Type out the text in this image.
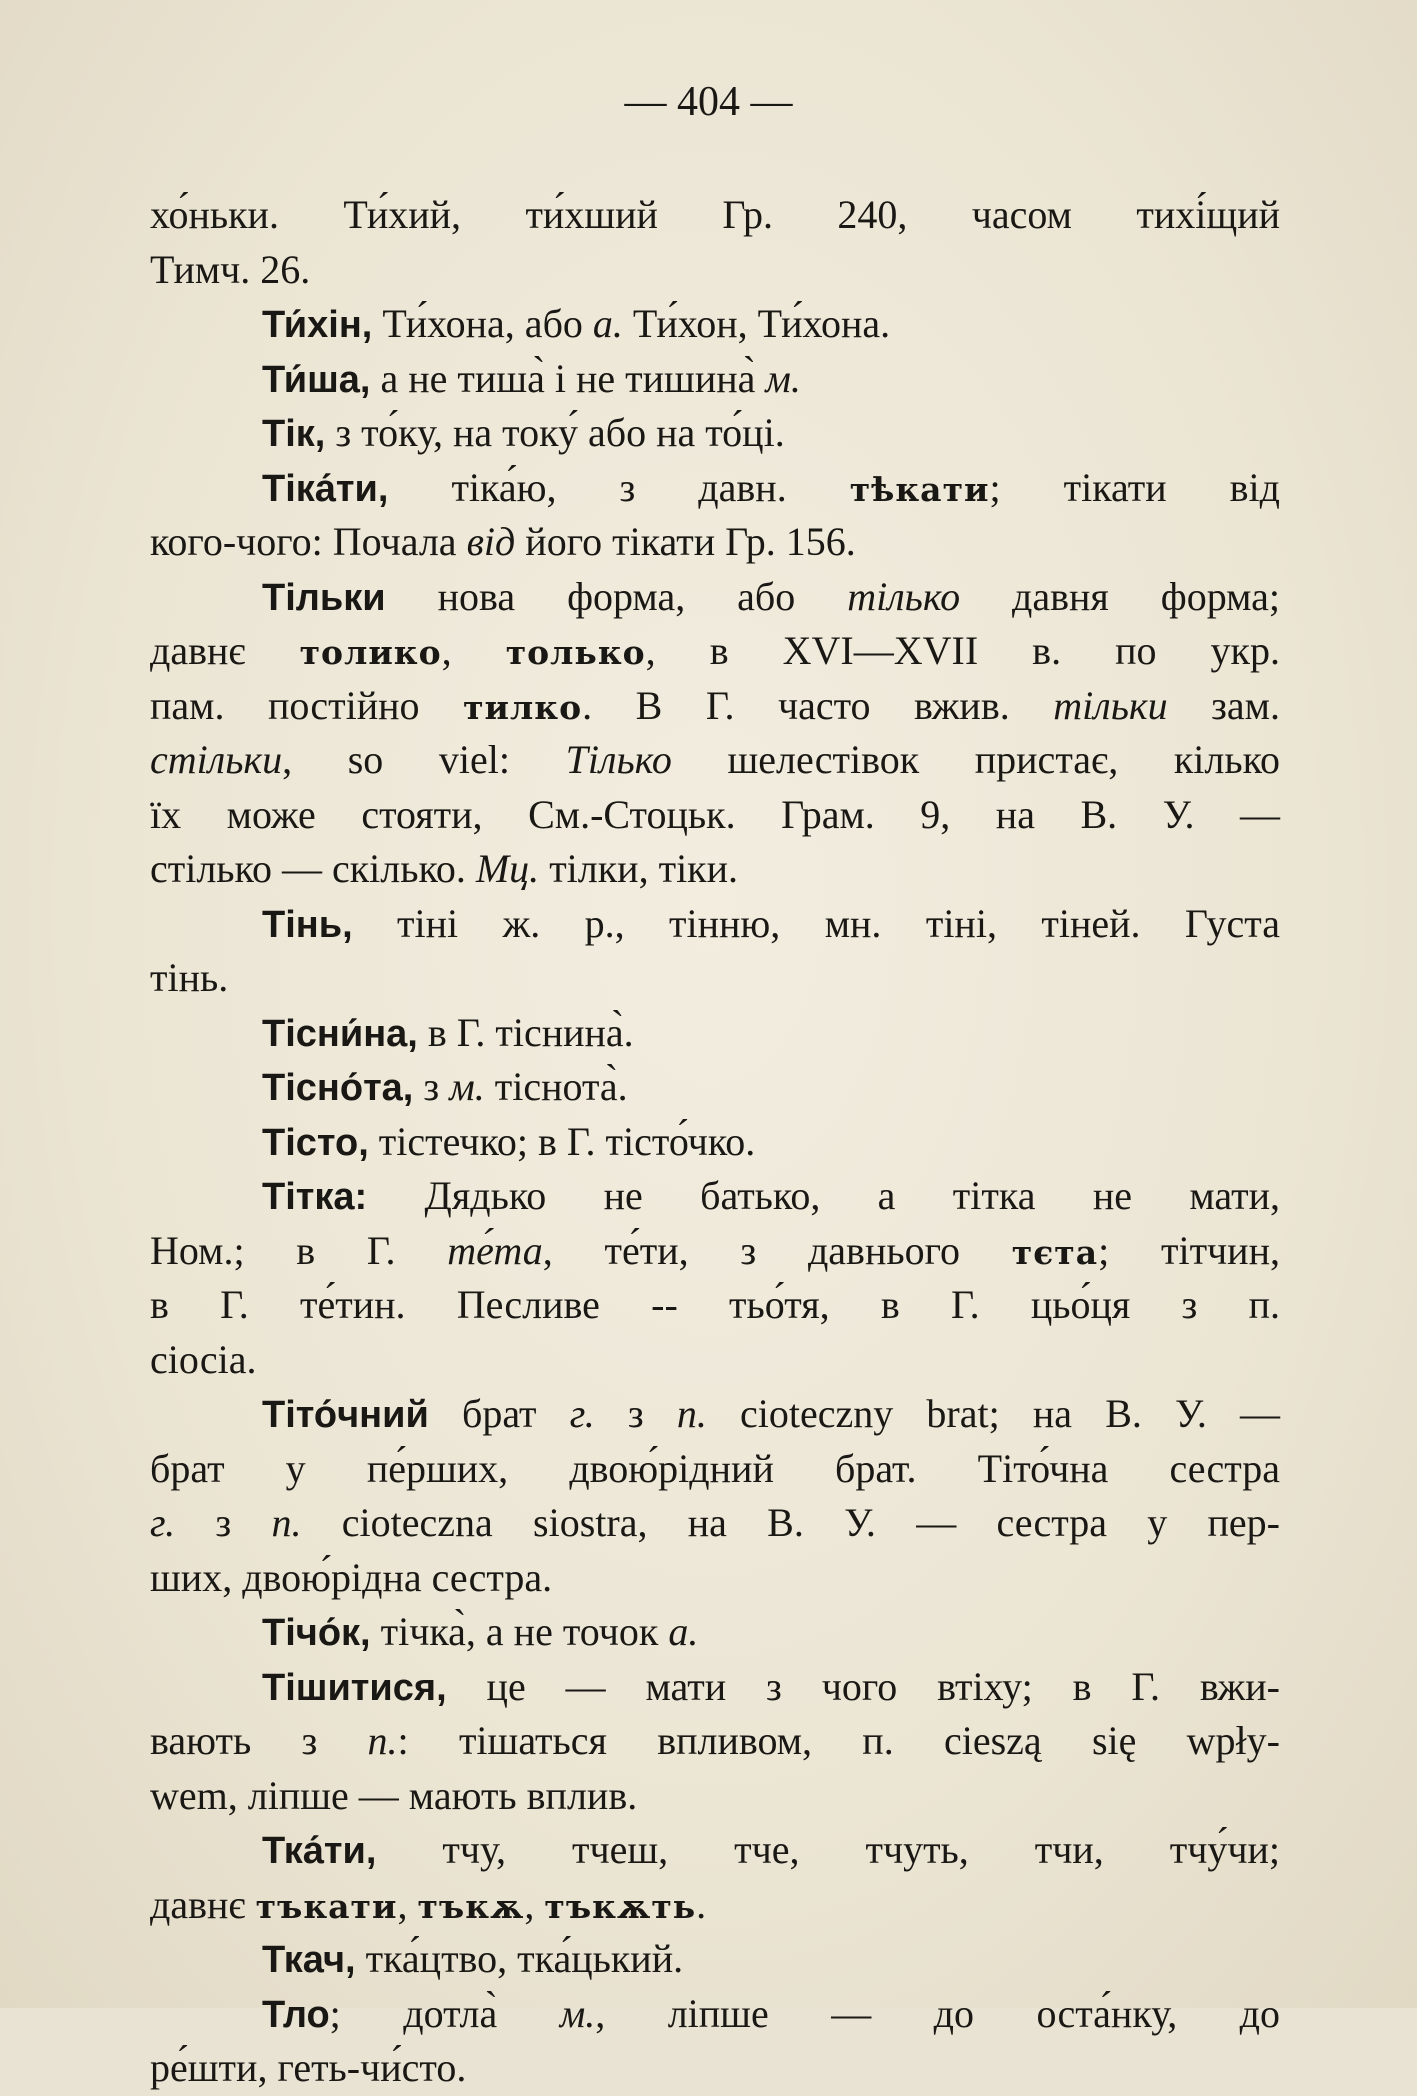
— 404 —
хо́ньки. Ти́хий, ти́хший Гр. 240, часом тихі́щий
Тимч. 26.
Ти́хін, Ти́хона, або а. Ти́хон, Ти́хона.
Ти́ша, а не тиша̀ і не тишина̀ м.
Тік, з то́ку, на току́ або на то́ці.
Тіка́ти, тіка́ю, з давн. тѣкати; тікати від
кого-чого: Почала від його тікати Гр. 156.
Тільки нова форма, або тілько давня форма;
давнє толико, только, в XVI—XVII в. по укр.
пам. постійно тилко. В Г. часто вжив. тільки зам.
стільки, so viel: Тілько шелестівок пристає, кілько
їх може стояти, См.-Стоцьк. Грам. 9, на В. У. —
стілько — скілько. Мц. тілки, тіки.
Тінь, тіні ж. р., тінню, мн. тіні, тіней. Густа
тінь.
Тісни́на, в Г. тіснина̀.
Тісно́та, з м. тіснота̀.
Тісто, тістечко; в Г. тісто́чко.
Тітка: Дядько не батько, а тітка не мати,
Ном.; в Г. те́та, те́ти, з давнього тєта; тітчин,
в Г. те́тин. Песливе -- тьо́тя, в Г. цьо́ця з п.
сіосіа.
Тіто́чний брат г. з п. cioteczny brat; на В. У. —
брат у пе́рших, двою́рідний брат. Тіто́чна сестра
г. з п. cioteczna siostra, на В. У. — сестра у пер-
ших, двою́рідна сестра.
Тічо́к, тічка̀, а не точок а.
Тішитися, це — мати з чого втіху; в Г. вжи-
вають з п.: тішаться впливом, п. cieszą się wpły-
wem, ліпше — мають вплив.
Тка́ти, тчу, тчеш, тче, тчуть, тчи, тчу́чи;
давнє тъкати, тъкѫ, тъкѫть.
Ткач, тка́цтво, тка́цький.
Тло; дотла̀ м., ліпше — до оста́нку, до
ре́шти, геть-чи́сто.
